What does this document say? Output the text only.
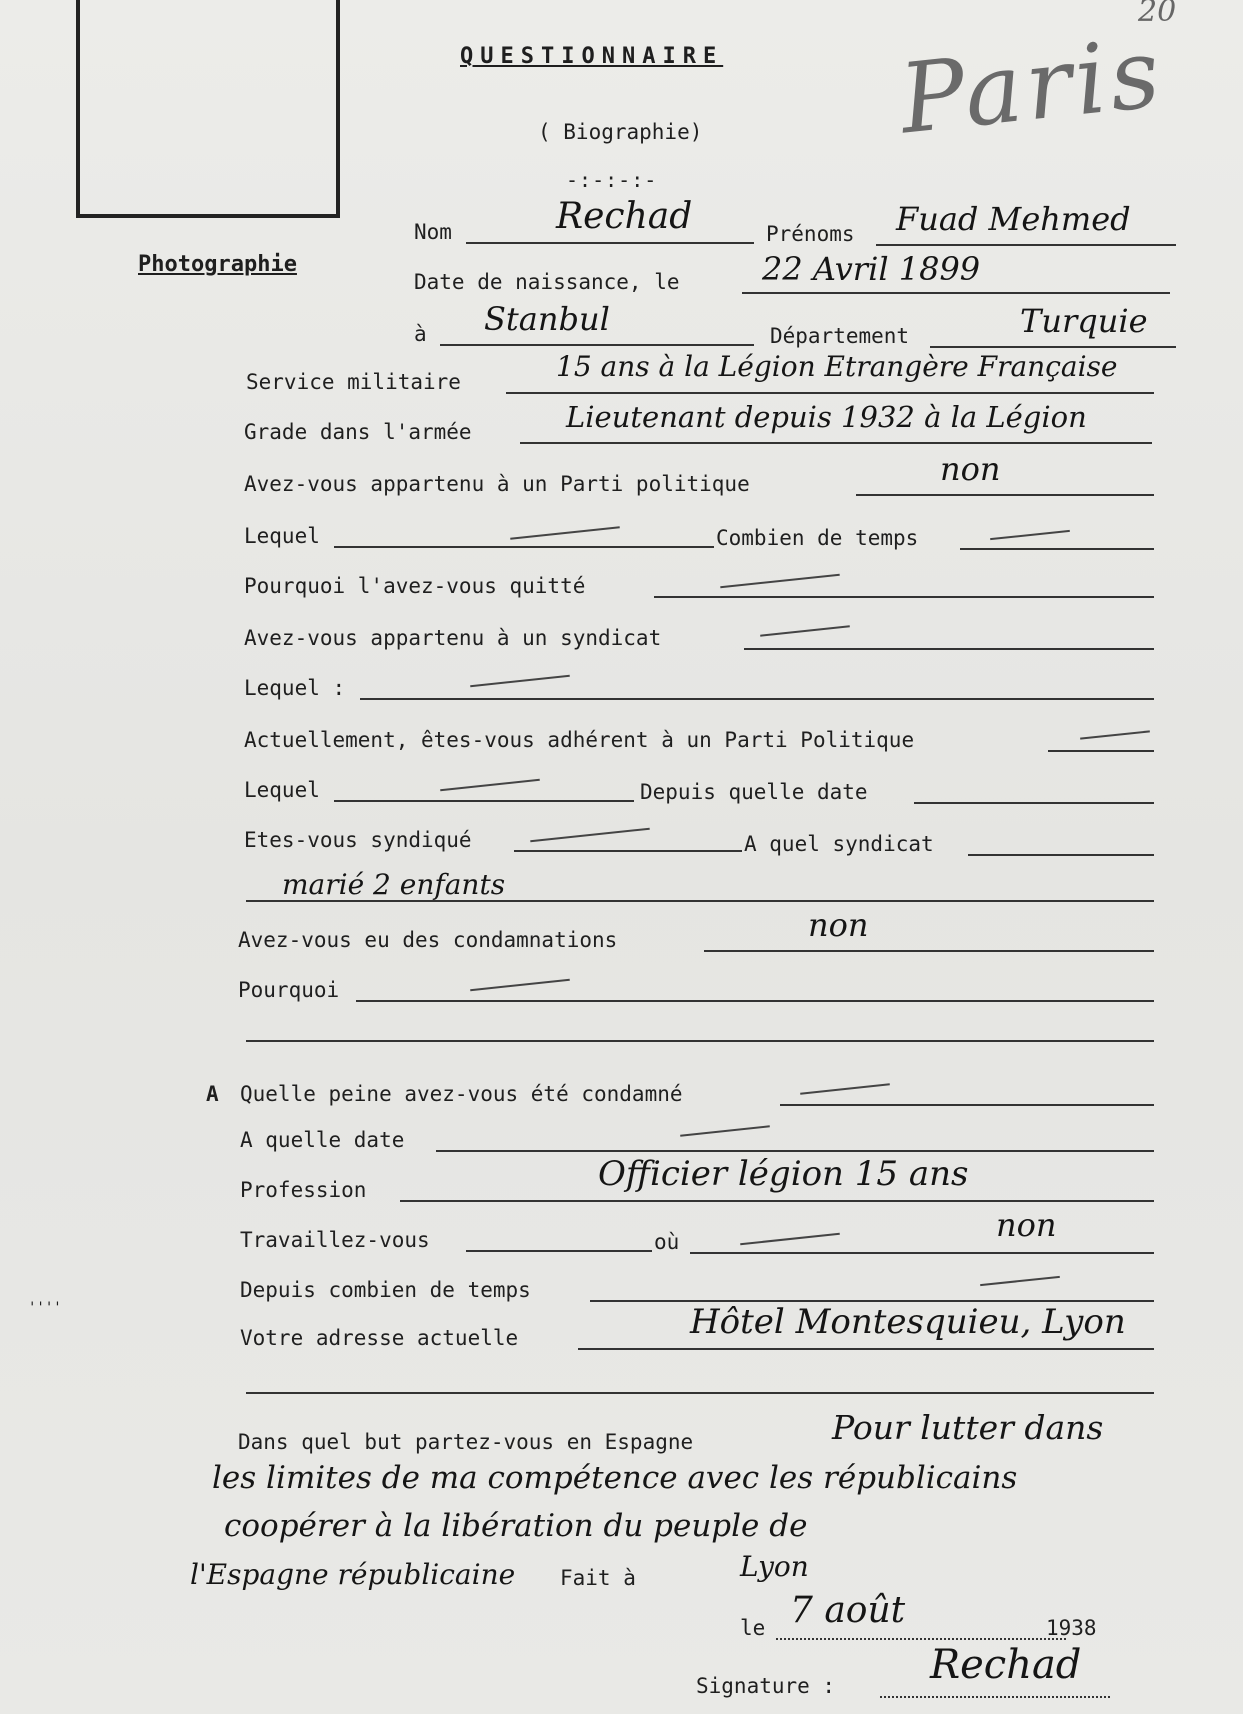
Photographie
QUESTIONNAIRE
( Biographie)
-:-:-:-
20
Paris
Nom	Rechad	Prénoms Fuad Mehmed
Date de naissance, le	22 Avril 1899
à Stanbul	Département	Turquie
Service militaire	15 ans à la Légion Etrangère Française
Grade dans l'armée	Lieutenant depuis 1932 à la Légion
Avez-vous appartenu à un Parti politique	non
Lequel	Combien de temps
Pourquoi l'avez-vous quitté
Avez-vous appartenu à un syndicat
Lequel :
Actuellement, êtes-vous adhérent à un Parti Politique
Lequel	Depuis quelle date
Etes-vous syndiqué	A quel syndicat
marié 2 enfants
Avez-vous eu des condamnations	non
Pourquoi
A Quelle peine avez-vous été condamné
A quelle date
Profession	Officier légion 15 ans
Travaillez-vous	où	non
Depuis combien de temps
Votre adresse actuelle	Hôtel Montesquieu, Lyon
Dans quel but partez-vous en Espagne	Pour lutter dans
les limites de ma compétence avec les républicains
coopérer à la libération du peuple de
l'Espagne républicaine Fait à	Lyon
le 7 août	1938
Signature : Rechad
''''
